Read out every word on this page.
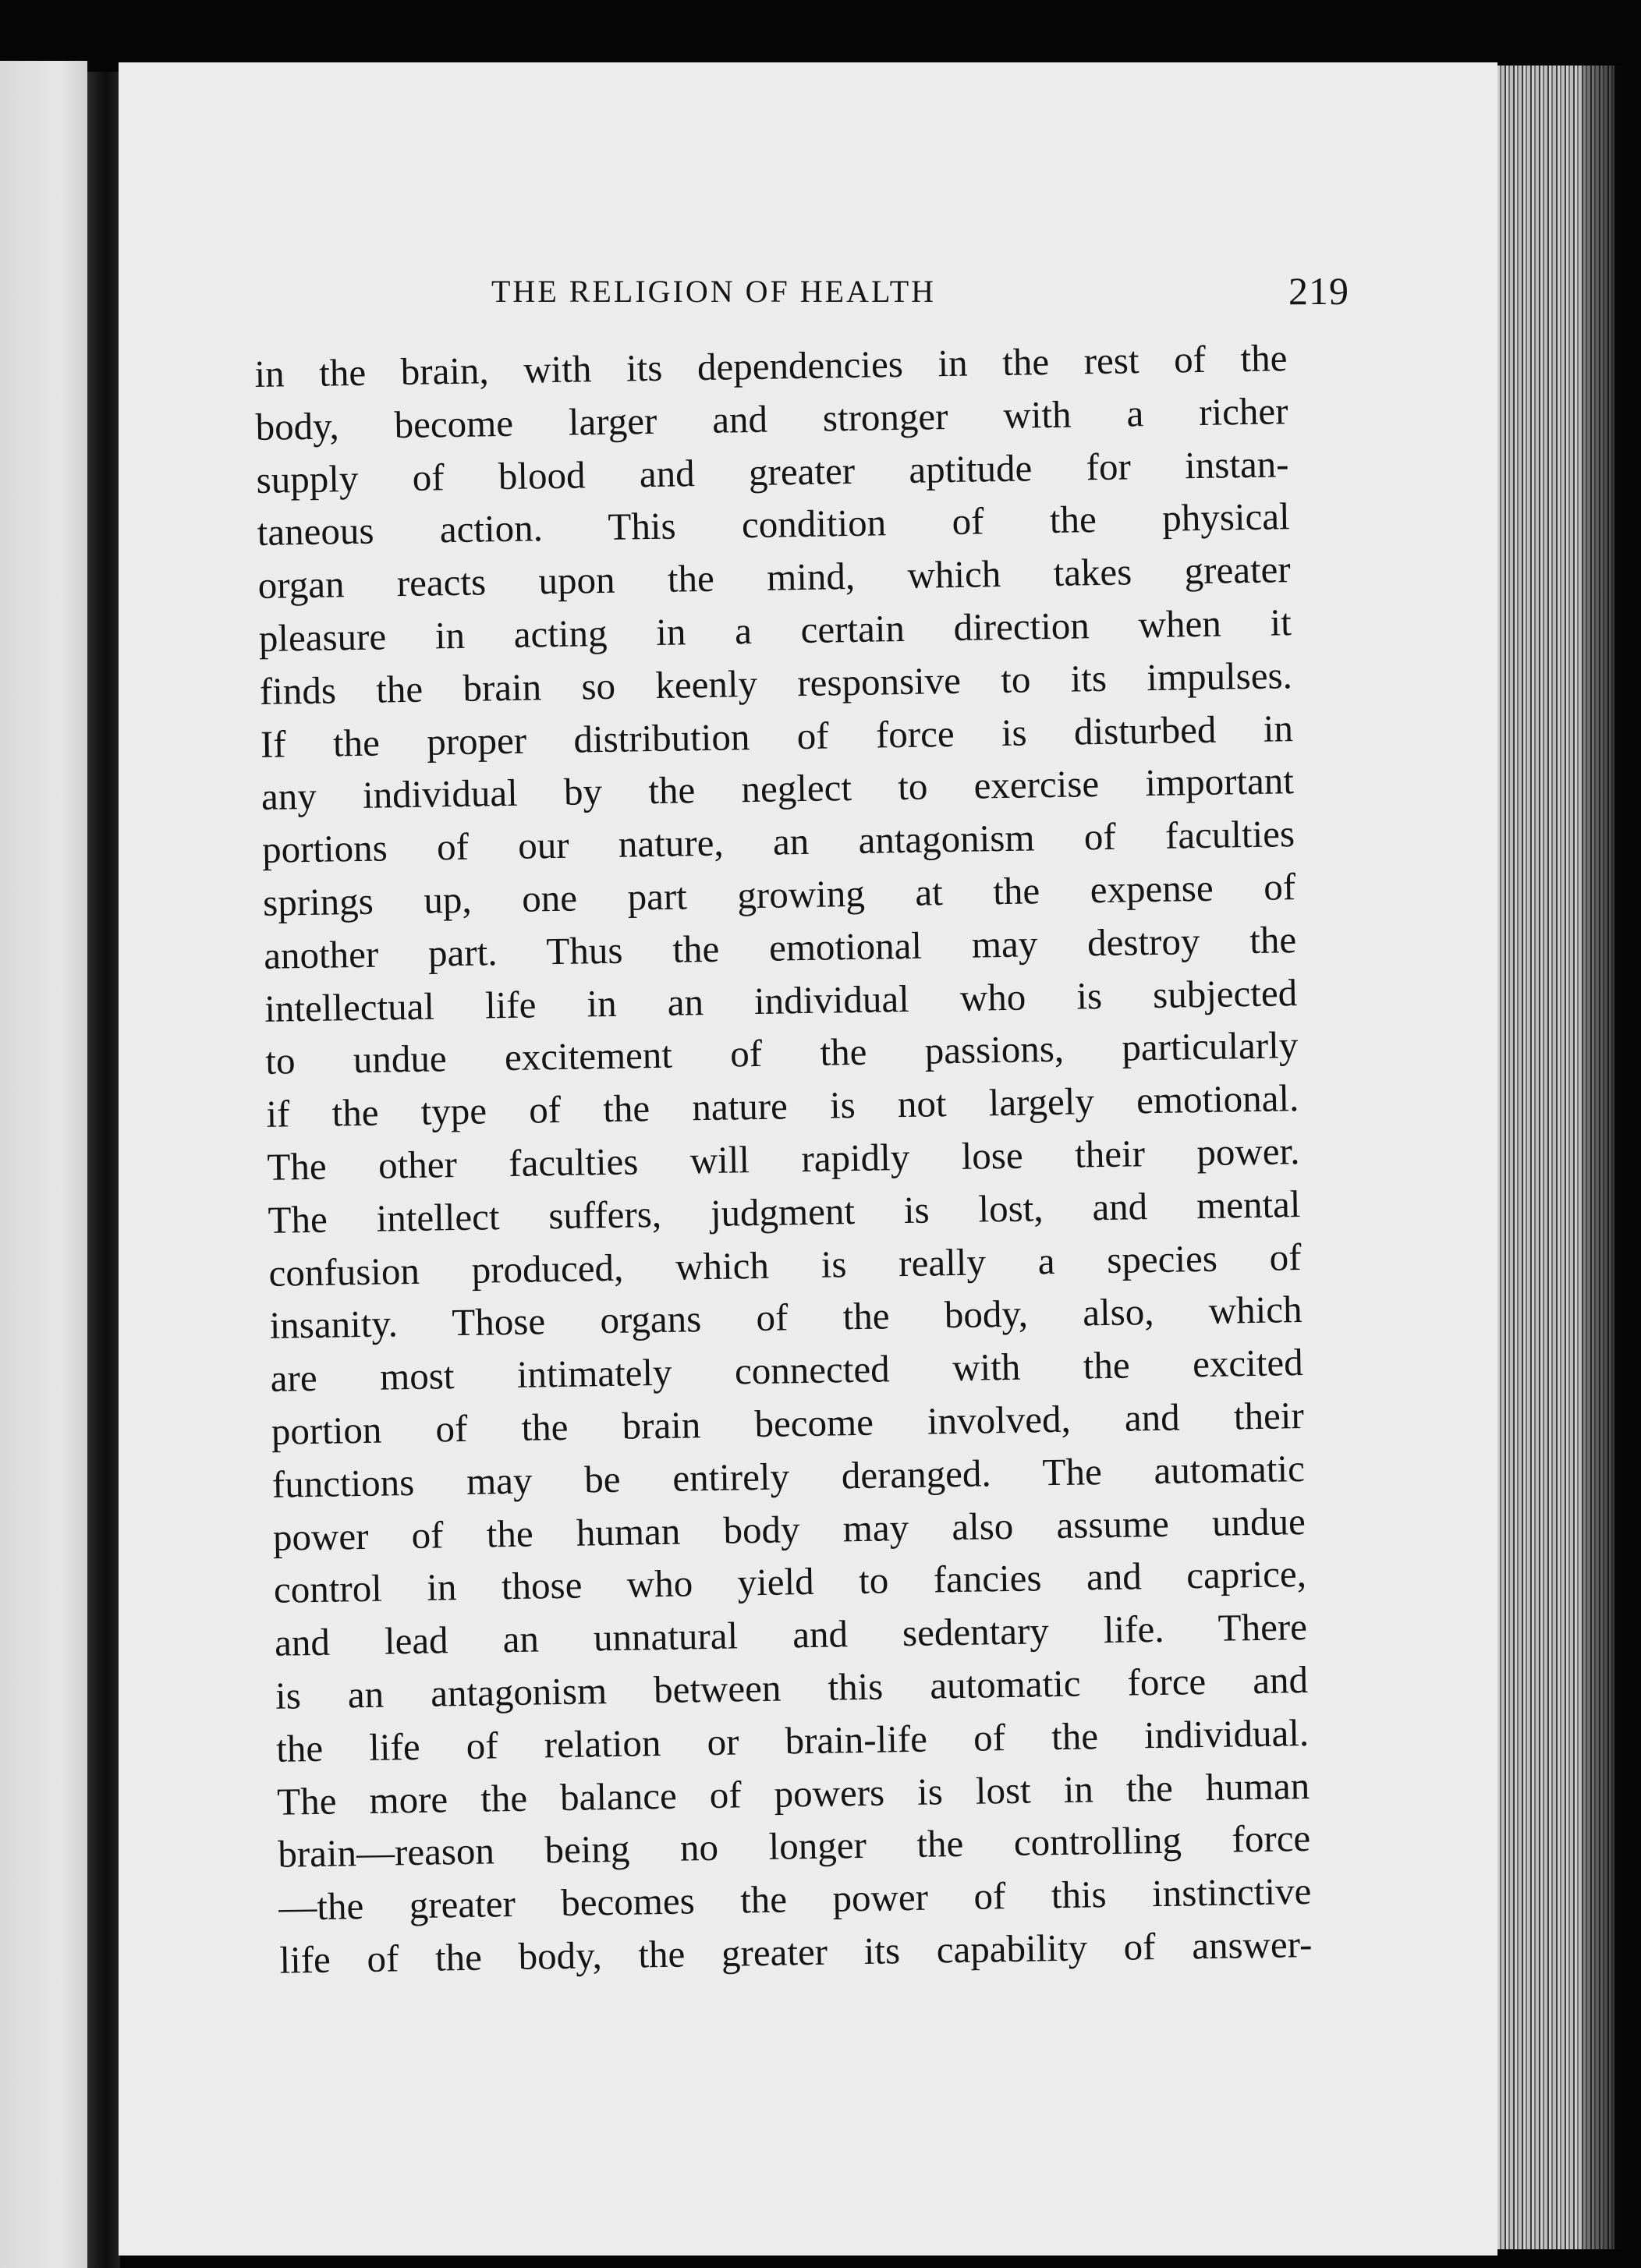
THE RELIGION OF HEALTH	219
in the brain, with its dependencies in the rest of the
body, become larger and stronger with a richer
supply of blood and greater aptitude for instan-
taneous action. This condition of the physical
organ reacts upon the mind, which takes greater
pleasure in acting in a certain direction when it
finds the brain so keenly responsive to its impulses.
If the proper distribution of force is disturbed in
any individual by the neglect to exercise important
portions of our nature, an antagonism of faculties
springs up, one part growing at the expense of
another part. Thus the emotional may destroy the
intellectual life in an individual who is subjected
to undue excitement of the passions, particularly
if the type of the nature is not largely emotional.
The other faculties will rapidly lose their power.
The intellect suffers, judgment is lost, and mental
confusion produced, which is really a species of
insanity. Those organs of the body, also, which
are most intimately connected with the excited
portion of the brain become involved, and their
functions may be entirely deranged. The automatic
power of the human body may also assume undue
control in those who yield to fancies and caprice,
and lead an unnatural and sedentary life. There
is an antagonism between this automatic force and
the life of relation or brain-life of the individual.
The more the balance of powers is lost in the human
brain—reason being no longer the controlling force
—the greater becomes the power of this instinctive
life of the body, the greater its capability of answer-
